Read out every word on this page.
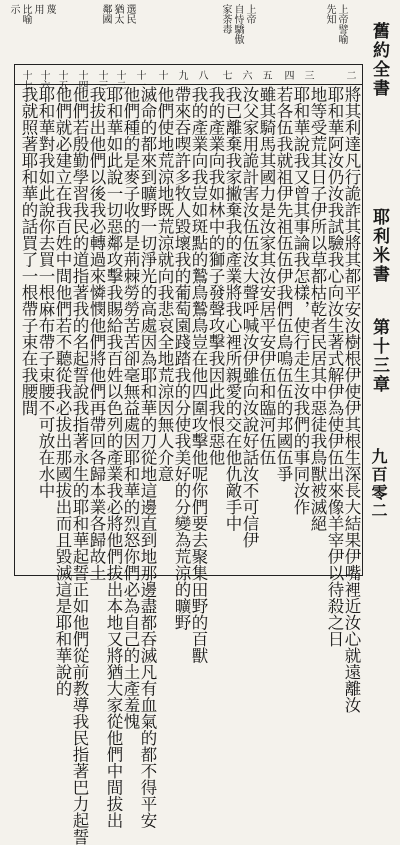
舊約全書
耶利米書
第十三章
九百零二
上帝譬喻
先知
上帝
自恃驕傲
家荼毒
選民
猶太
鄰國
蔑
用
比喻
示
二
三
四
五
六
七
八
九
十
十一
十二
十三
十四
十五
十六
十七
將其利達凡行詭詐其將其都平安汝樹根伊使伊其根生深長大結果伊嘴裡近汝心就遠離汝
耶和華阿汝仍汝我試驗我心向汝生著式解伊為使伊伍出來像羊宰伊以待殺之日
地等受荒其日子伊所以草都枯乾者民居其中惡徒我鳥獸被滅絕
耶和華說我又曾其事論我怎樣，使行走生汝我們的事同汝作
若各伍我就祖伊先祖伍伍伊我們伍鳥鳴伍伍的邦國伍爭
雖其騎馬其國力是汝家其汝安居平安伊伍和臨河伍伍
汝父家用詭計害汝伍伍汝大聲呼喊汝伊雖向汝說好話汝不可信伊
我已離棄我家撇棄我的產業將我心裡所親愛的交在他仇敵手中
我的產業向我如林中的獅子發聲攻擊我因此我恨惡他
我的產業向我豈如斑點的鷙鳥鷙鳥豈在他四圍攻擊他呢你們要去聚集田野的百獸
帶來吞喫許多牧人毀壞我的葡萄園踐踏我的分使我美好的分變為荒涼的曠野
他們使地荒涼地既荒涼就向我悲哀全地荒涼因無人介意
滅命的都來到曠野一切淨光的高處因為耶和華的刀從地這邊直到地那邊盡都吞滅凡有血氣的都不得平安
他們種的是麥子收的是荊棘勞勞苦苦卻毫無益處因耶和華的烈怒你們必為自己的土產羞愧
耶和華如此說一切惡鄰攻擊我賜給我百姓以色列的產業我必將他們拔出本地又將猶大家從他們中間拔出
我拔出他們以後我必轉過來憐憫他們將他們再帶回各歸本業各歸故土
他們若殷勤學習我民的道指著我的名起誓說我指著永生的耶和華起誓正如他們從前教導我民指著巴力起誓
他們就必建立在我百姓中間他們若不聽從我必拔出那國拔出而且毀滅這是耶和華說的
耶和華對我如此說你去買一根麻布帶子束腰不可放在水中
我就照著耶和華的話買了一根帶子束在我腰間
